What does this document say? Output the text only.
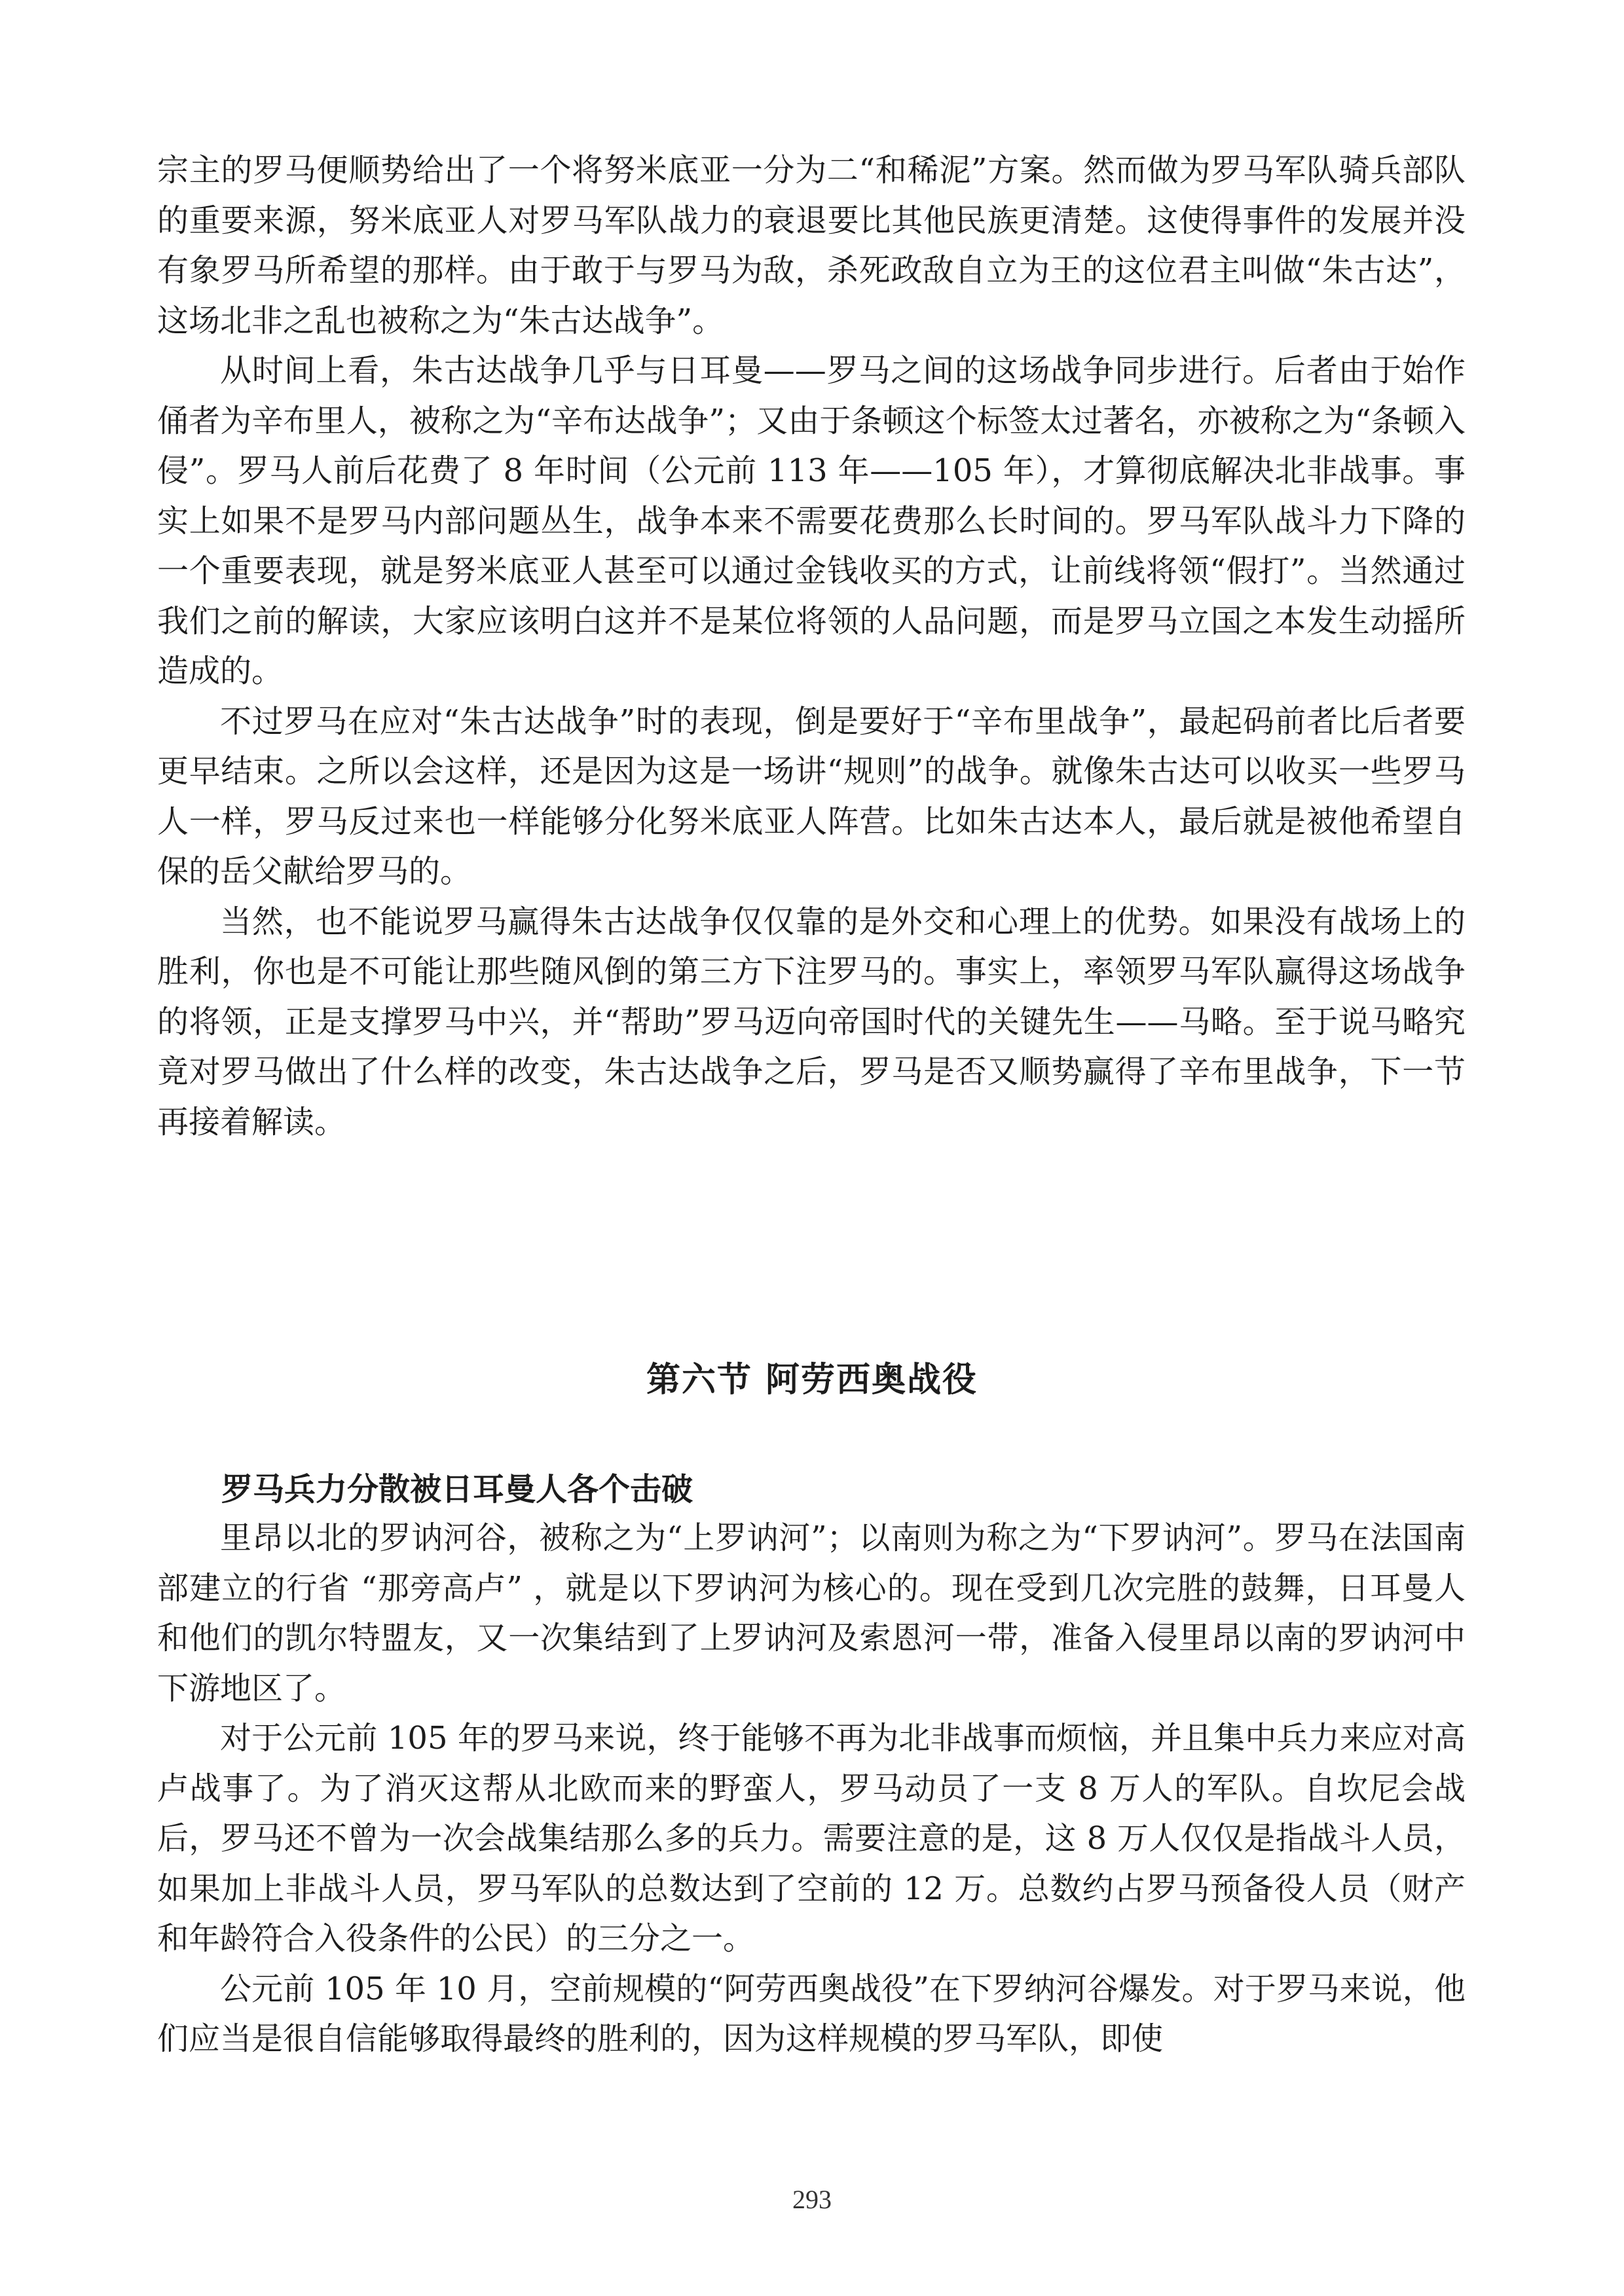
宗主的罗马便顺势给出了一个将努米底亚一分为二“和稀泥”方案。然而做为罗马军队骑兵部队的重要来源，努米底亚人对罗马军队战力的衰退要比其他民族更清楚。这使得事件的发展并没有象罗马所希望的那样。由于敢于与罗马为敌，杀死政敌自立为王的这位君主叫做“朱古达”，这场北非之乱也被称之为“朱古达战争”。

从时间上看，朱古达战争几乎与日耳曼——罗马之间的这场战争同步进行。后者由于始作俑者为辛布里人，被称之为“辛布达战争”；又由于条顿这个标签太过著名，亦被称之为“条顿入侵”。罗马人前后花费了 8 年时间（公元前 113 年——105 年），才算彻底解决北非战事。事实上如果不是罗马内部问题丛生，战争本来不需要花费那么长时间的。罗马军队战斗力下降的一个重要表现，就是努米底亚人甚至可以通过金钱收买的方式，让前线将领“假打”。当然通过我们之前的解读，大家应该明白这并不是某位将领的人品问题，而是罗马立国之本发生动摇所造成的。

不过罗马在应对“朱古达战争”时的表现，倒是要好于“辛布里战争”，最起码前者比后者要更早结束。之所以会这样，还是因为这是一场讲“规则”的战争。就像朱古达可以收买一些罗马人一样，罗马反过来也一样能够分化努米底亚人阵营。比如朱古达本人，最后就是被他希望自保的岳父献给罗马的。

当然，也不能说罗马赢得朱古达战争仅仅靠的是外交和心理上的优势。如果没有战场上的胜利，你也是不可能让那些随风倒的第三方下注罗马的。事实上，率领罗马军队赢得这场战争的将领，正是支撑罗马中兴，并“帮助”罗马迈向帝国时代的关键先生——马略。至于说马略究竟对罗马做出了什么样的改变，朱古达战争之后，罗马是否又顺势赢得了辛布里战争，下一节再接着解读。

第六节 阿劳西奥战役
罗马兵力分散被日耳曼人各个击破

里昂以北的罗讷河谷，被称之为“上罗讷河”；以南则为称之为“下罗讷河”。罗马在法国南部建立的行省 “那旁高卢” ，就是以下罗讷河为核心的。现在受到几次完胜的鼓舞，日耳曼人和他们的凯尔特盟友，又一次集结到了上罗讷河及索恩河一带，准备入侵里昂以南的罗讷河中下游地区了。

对于公元前 105 年的罗马来说，终于能够不再为北非战事而烦恼，并且集中兵力来应对高卢战事了。为了消灭这帮从北欧而来的野蛮人，罗马动员了一支 8 万人的军队。自坎尼会战后，罗马还不曾为一次会战集结那么多的兵力。需要注意的是，这 8 万人仅仅是指战斗人员，如果加上非战斗人员，罗马军队的总数达到了空前的 12 万。总数约占罗马预备役人员（财产和年龄符合入役条件的公民）的三分之一。

公元前 105 年 10 月，空前规模的“阿劳西奥战役”在下罗纳河谷爆发。对于罗马来说，他们应当是很自信能够取得最终的胜利的，因为这样规模的罗马军队，即使

293
